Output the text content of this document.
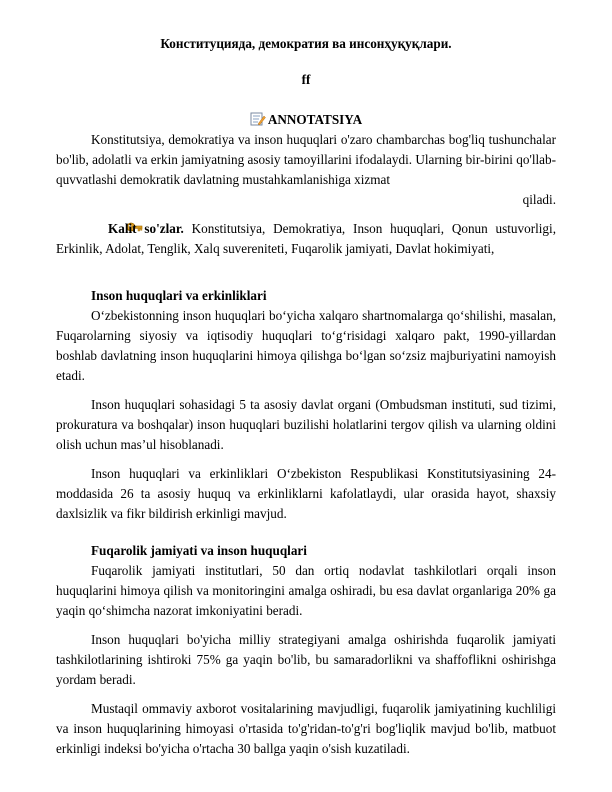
Конституцияда, демократия ва инсонҳуқуқлари.
ff
ANNOTATSIYA

Konstitutsiya, demokratiya va inson huquqlari o'zaro chambarchas bog'liq tushunchalar bo'lib, adolatli va erkin jamiyatning asosiy tamoyillarini ifodalaydi. Ularning bir-birini qo'llab-quvvatlashi demokratik davlatning mustahkamlanishiga xizmat

qiladi.

Kalit so'zlar. Konstitutsiya, Demokratiya, Inson huquqlari, Qonun ustuvorligi, Erkinlik, Adolat, Tenglik, Xalq suvereniteti, Fuqarolik jamiyati, Davlat hokimiyati,

Inson huquqlari va erkinliklari

O‘zbekistonning inson huquqlari bo‘yicha xalqaro shartnomalarga qo‘shilishi, masalan, Fuqarolarning siyosiy va iqtisodiy huquqlari to‘g‘risidagi xalqaro pakt, 1990-yillardan boshlab davlatning inson huquqlarini himoya qilishga bo‘lgan so‘zsiz majburiyatini namoyish etadi.

Inson huquqlari sohasidagi 5 ta asosiy davlat organi (Ombudsman instituti, sud tizimi, prokuratura va boshqalar) inson huquqlari buzilishi holatlarini tergov qilish va ularning oldini olish uchun mas’ul hisoblanadi.

Inson huquqlari va erkinliklari O‘zbekiston Respublikasi Konstitutsiyasining 24-moddasida 26 ta asosiy huquq va erkinliklarni kafolatlaydi, ular orasida hayot, shaxsiy daxlsizlik va fikr bildirish erkinligi mavjud.

Fuqarolik jamiyati va inson huquqlari

Fuqarolik jamiyati institutlari, 50 dan ortiq nodavlat tashkilotlari orqali inson huquqlarini himoya qilish va monitoringini amalga oshiradi, bu esa davlat organlariga 20% ga yaqin qo‘shimcha nazorat imkoniyatini beradi.

Inson huquqlari bo'yicha milliy strategiyani amalga oshirishda fuqarolik jamiyati tashkilotlarining ishtiroki 75% ga yaqin bo'lib, bu samaradorlikni va shaffoflikni oshirishga yordam beradi.

Mustaqil ommaviy axborot vositalarining mavjudligi, fuqarolik jamiyatining kuchliligi va inson huquqlarining himoyasi o'rtasida to'g'ridan-to'g'ri bog'liqlik mavjud bo'lib, matbuot erkinligi indeksi bo'yicha o'rtacha 30 ballga yaqin o'sish kuzatiladi.
